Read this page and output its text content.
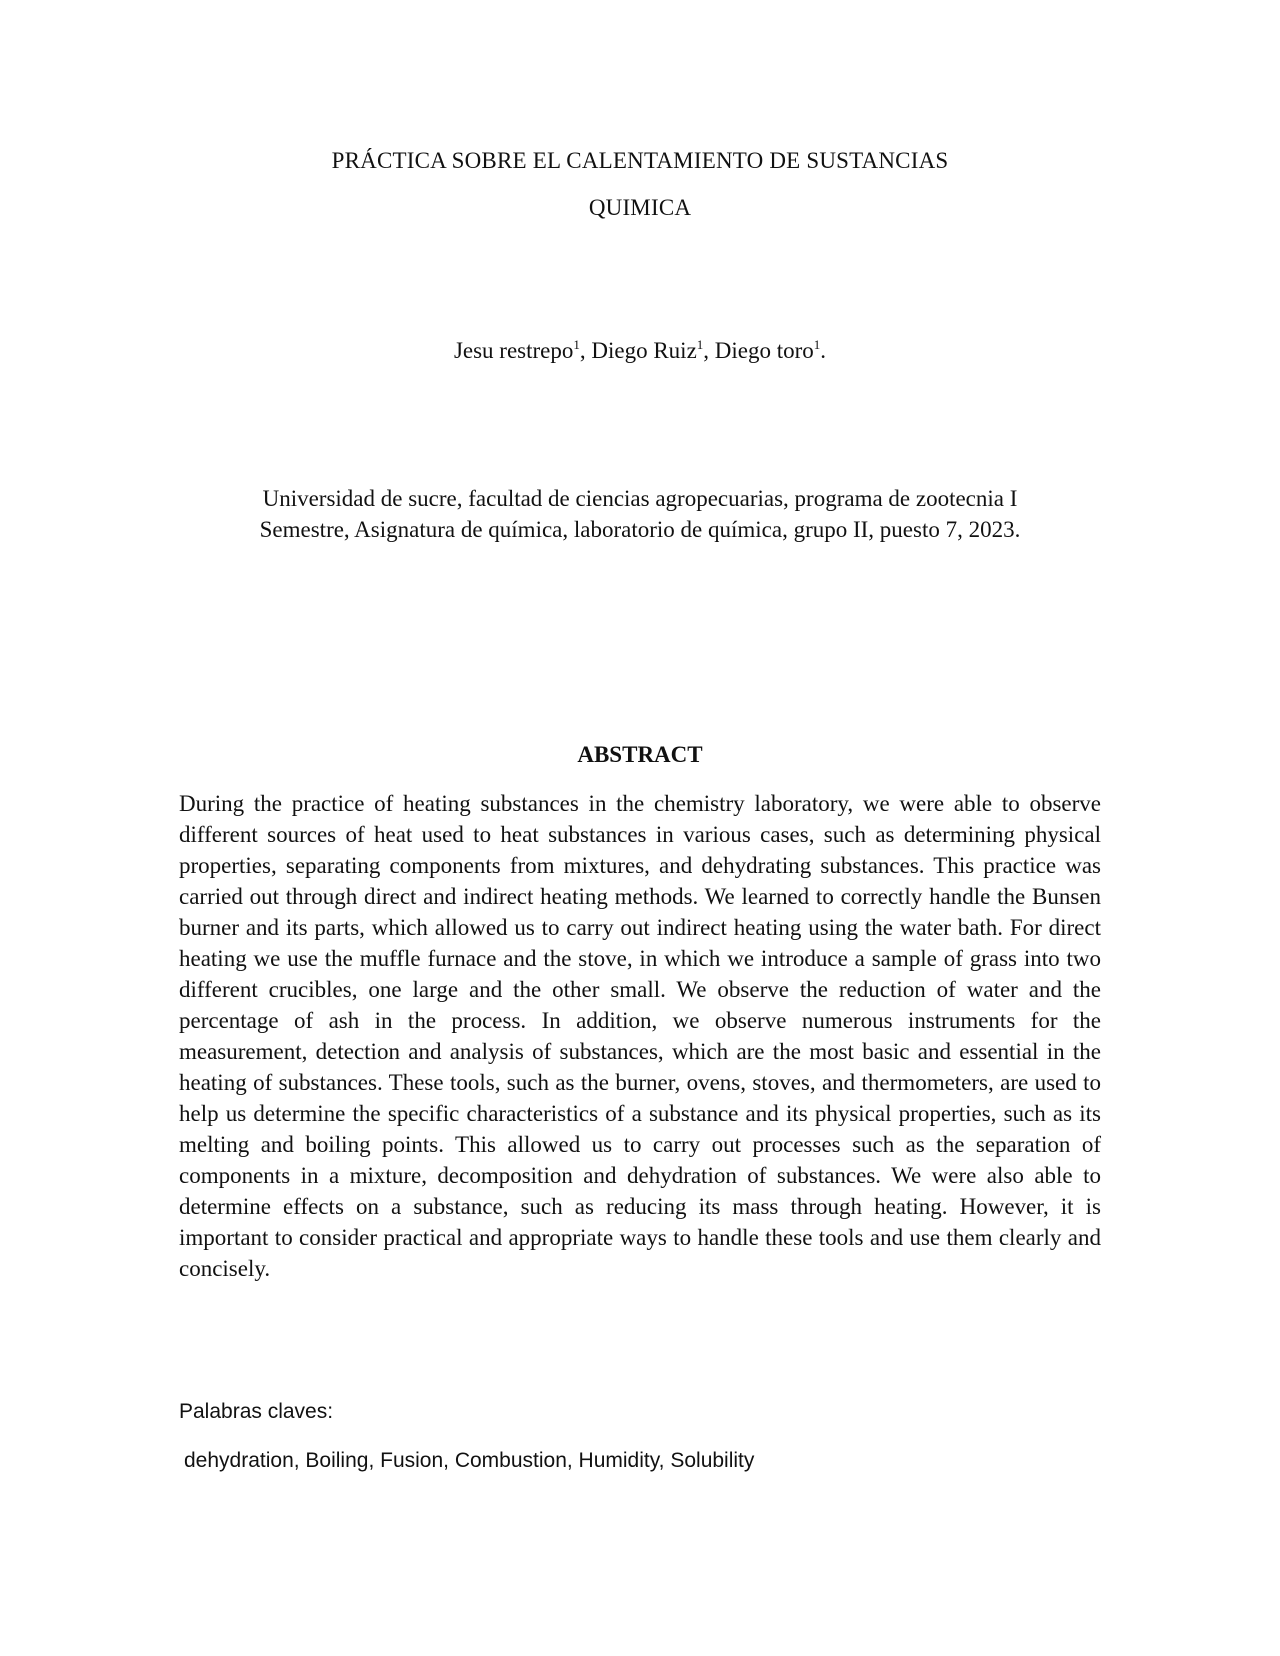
PRÁCTICA SOBRE EL CALENTAMIENTO DE SUSTANCIAS
QUIMICA
Jesu restrepo$^1$, Diego Ruiz$^1$, Diego toro$^1$.
Universidad de sucre, facultad de ciencias agropecuarias, programa de zootecnia I
Semestre, Asignatura de química, laboratorio de química, grupo II, puesto 7, 2023.
ABSTRACT
During the practice of heating substances in the chemistry laboratory, we were able to observe different sources of heat used to heat substances in various cases, such as determining physical properties, separating components from mixtures, and dehydrating substances. This practice was carried out through direct and indirect heating methods. We learned to correctly handle the Bunsen burner and its parts, which allowed us to carry out indirect heating using the water bath. For direct heating we use the muffle furnace and the stove, in which we introduce a sample of grass into two different crucibles, one large and the other small. We observe the reduction of water and the percentage of ash in the process. In addition, we observe numerous instruments for the measurement, detection and analysis of substances, which are the most basic and essential in the heating of substances. These tools, such as the burner, ovens, stoves, and thermometers, are used to help us determine the specific characteristics of a substance and its physical properties, such as its melting and boiling points. This allowed us to carry out processes such as the separation of components in a mixture, decomposition and dehydration of substances. We were also able to determine effects on a substance, such as reducing its mass through heating. However, it is important to consider practical and appropriate ways to handle these tools and use them clearly and concisely.
Palabras claves:
dehydration, Boiling, Fusion, Combustion, Humidity, Solubility
